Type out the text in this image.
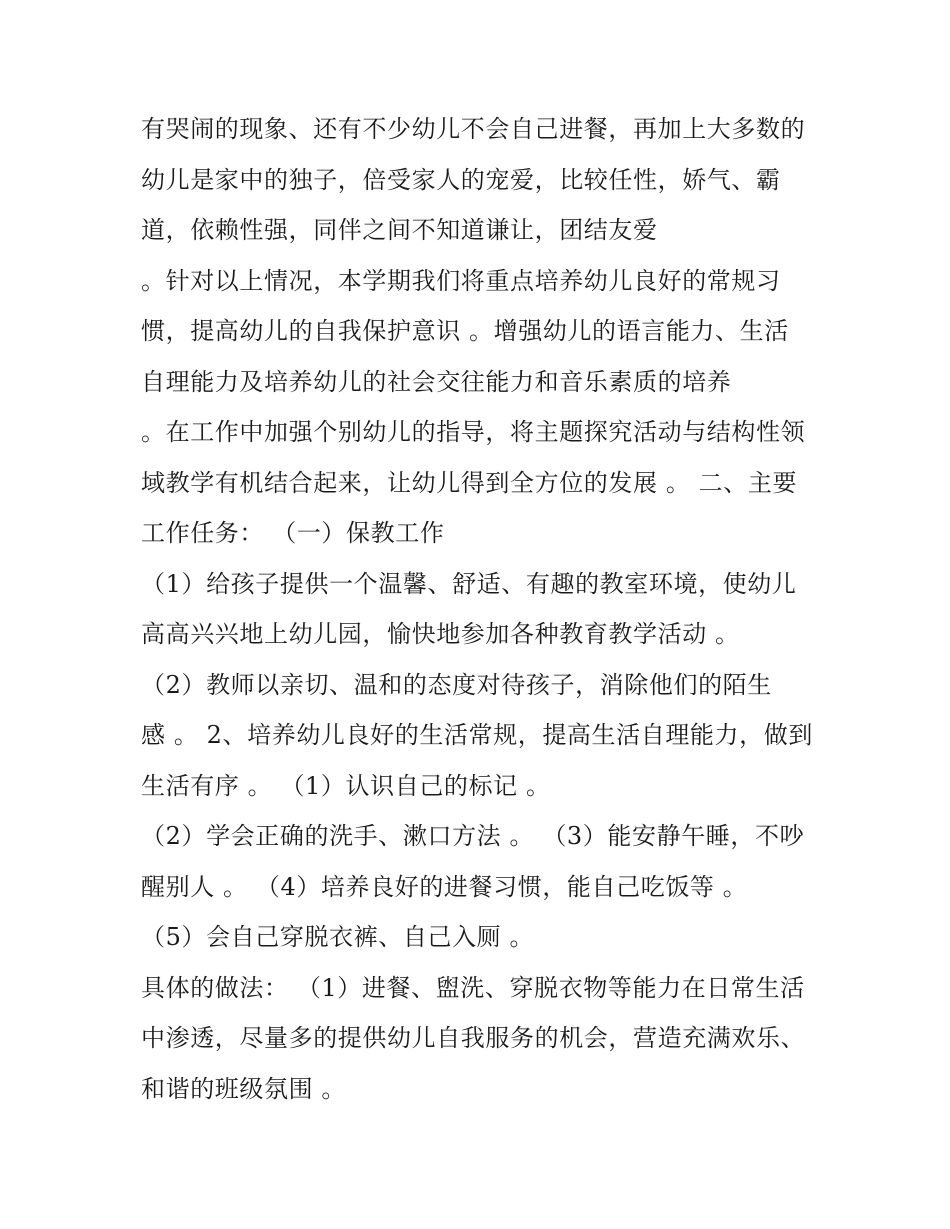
有哭闹的现象、还有不少幼儿不会自己进餐，再加上大多数的
幼儿是家中的独子，倍受家人的宠爱，比较任性，娇气、霸
道，依赖性强，同伴之间不知道谦让，团结友爱
。针对以上情况，本学期我们将重点培养幼儿良好的常规习
惯，提高幼儿的自我保护意识 。增强幼儿的语言能力、生活
自理能力及培养幼儿的社会交往能力和音乐素质的培养
。在工作中加强个别幼儿的指导，将主题探究活动与结构性领
域教学有机结合起来，让幼儿得到全方位的发展 。 二、主要
工作任务： （一）保教工作
（1）给孩子提供一个温馨、舒适、有趣的教室环境，使幼儿
高高兴兴地上幼儿园，愉快地参加各种教育教学活动 。
（2）教师以亲切、温和的态度对待孩子，消除他们的陌生
感 。 2、培养幼儿良好的生活常规，提高生活自理能力，做到
生活有序 。 （1）认识自己的标记 。
（2）学会正确的洗手、漱口方法 。 （3）能安静午睡，不吵
醒别人 。 （4）培养良好的进餐习惯，能自己吃饭等 。
（5）会自己穿脱衣裤、自己入厕 。
具体的做法： （1）进餐、盥洗、穿脱衣物等能力在日常生活
中渗透，尽量多的提供幼儿自我服务的机会，营造充满欢乐、
和谐的班级氛围 。
